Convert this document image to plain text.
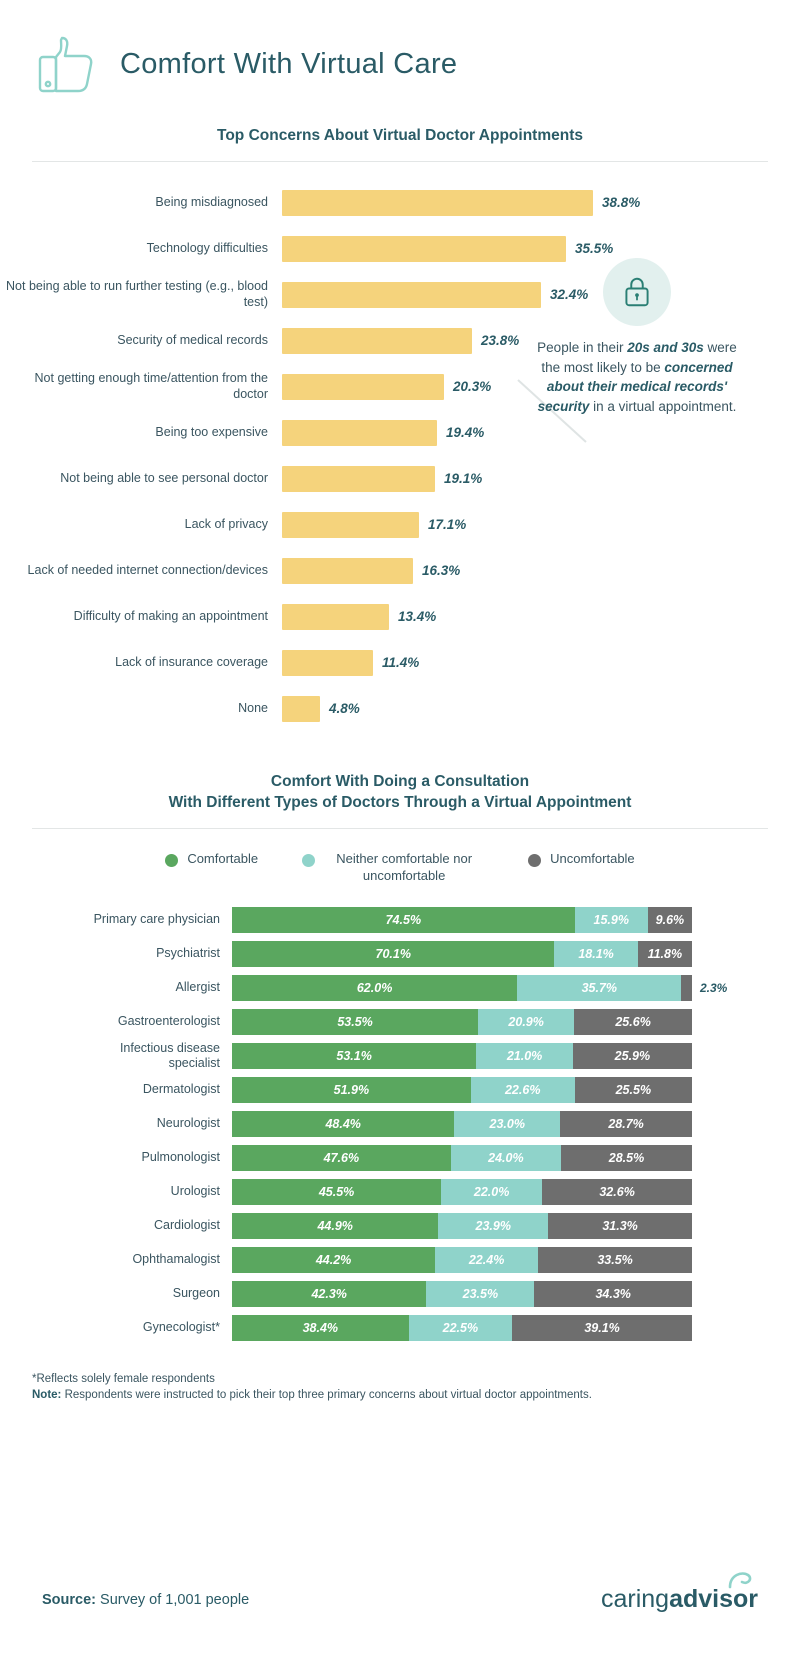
Comfort With Virtual Care
Top Concerns About Virtual Doctor Appointments
Being misdiagnosed	38.8%
Technology difficulties	35.5%
Not being able to run further testing (e.g., blood test)	32.4%
Security of medical records	23.8%
Not getting enough time/attention from the doctor	20.3%
Being too expensive	19.4%
Not being able to see personal doctor	19.1%
Lack of privacy	17.1%
Lack of needed internet connection/devices	16.3%
Difficulty of making an appointment	13.4%
Lack of insurance coverage	11.4%
None	4.8%

People in their 20s and 30s were the most likely to be concerned about their medical records' security in a virtual appointment.

Comfort With Doing a Consultation
With Different Types of Doctors Through a Virtual Appointment
Comfortable	Neither comfortable nor uncomfortable
Uncomfortable
Primary care physician	74.5%	15.9% 9.6%
Psychiatrist	70.1%	18.1%	11.8%
Allergist	62.0%	35.7%	2.3%
Gastroenterologist	53.5%	20.9%	25.6%
Infectious disease
specialist	53.1%	21.0%	25.9%
Dermatologist	51.9%	22.6%	25.5%
Neurologist	48.4%	23.0%	28.7%
Pulmonologist	47.6%	24.0%	28.5%
Urologist	45.5%	22.0%	32.6%
Cardiologist	44.9%	23.9%	31.3%
Ophthamalogist	44.2%	22.4%	33.5%
Surgeon	42.3%	23.5%	34.3%
Gynecologist*	38.4%	22.5%	39.1%
*Reflects solely female respondents
Note: Respondents were instructed to pick their top three primary concerns about virtual doctor appointments.
Source: Survey of 1,001 people	caring advisor
